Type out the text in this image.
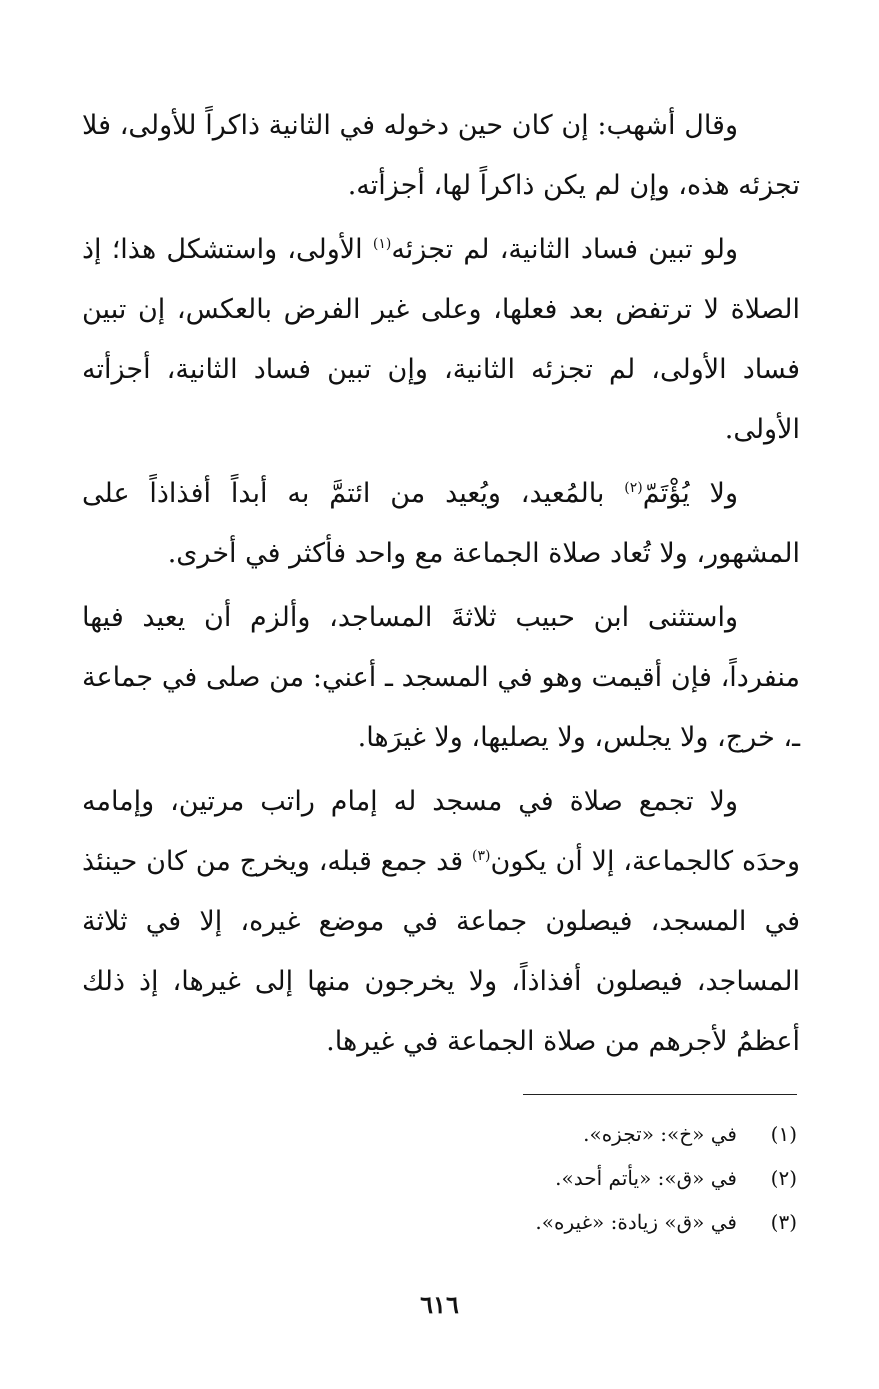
وقال أشهب: إن كان حين دخوله في الثانية ذاكراً للأولى، فلا تجزئه هذه، وإن لم يكن ذاكراً لها، أجزأته.

ولو تبين فساد الثانية، لم تجزئه$^{(١)}$ الأولى، واستشكل هذا؛ إذ الصلاة لا ترتفض بعد فعلها، وعلى غير الفرض بالعكس، إن تبين فساد الأولى، لم تجزئه الثانية، وإن تبين فساد الثانية، أجزأته الأولى.

ولا يُؤْتَمّ$^{(٢)}$ بالمُعيد، ويُعيد من ائتمَّ به أبداً أفذاذاً على المشهور، ولا تُعاد صلاة الجماعة مع واحد فأكثر في أخرى.

واستثنى ابن حبيب ثلاثةَ المساجد، وألزم أن يعيد فيها منفرداً، فإن أقيمت وهو في المسجد ـ أعني: من صلى في جماعة ـ، خرج، ولا يجلس، ولا يصليها، ولا غيرَها.

ولا تجمع صلاة في مسجد له إمام راتب مرتين، وإمامه وحدَه كالجماعة، إلا أن يكون$^{(٣)}$ قد جمع قبله، ويخرج من كان حينئذ في المسجد، فيصلون جماعة في موضع غيره، إلا في ثلاثة المساجد، فيصلون أفذاذاً، ولا يخرجون منها إلى غيرها، إذ ذلك أعظمُ لأجرهم من صلاة الجماعة في غيرها.

(١)
في «خ»: «تجزه».
(٢)
في «ق»: «يأتم أحد».
(٣)
في «ق» زيادة: «غيره».
٦١٦
